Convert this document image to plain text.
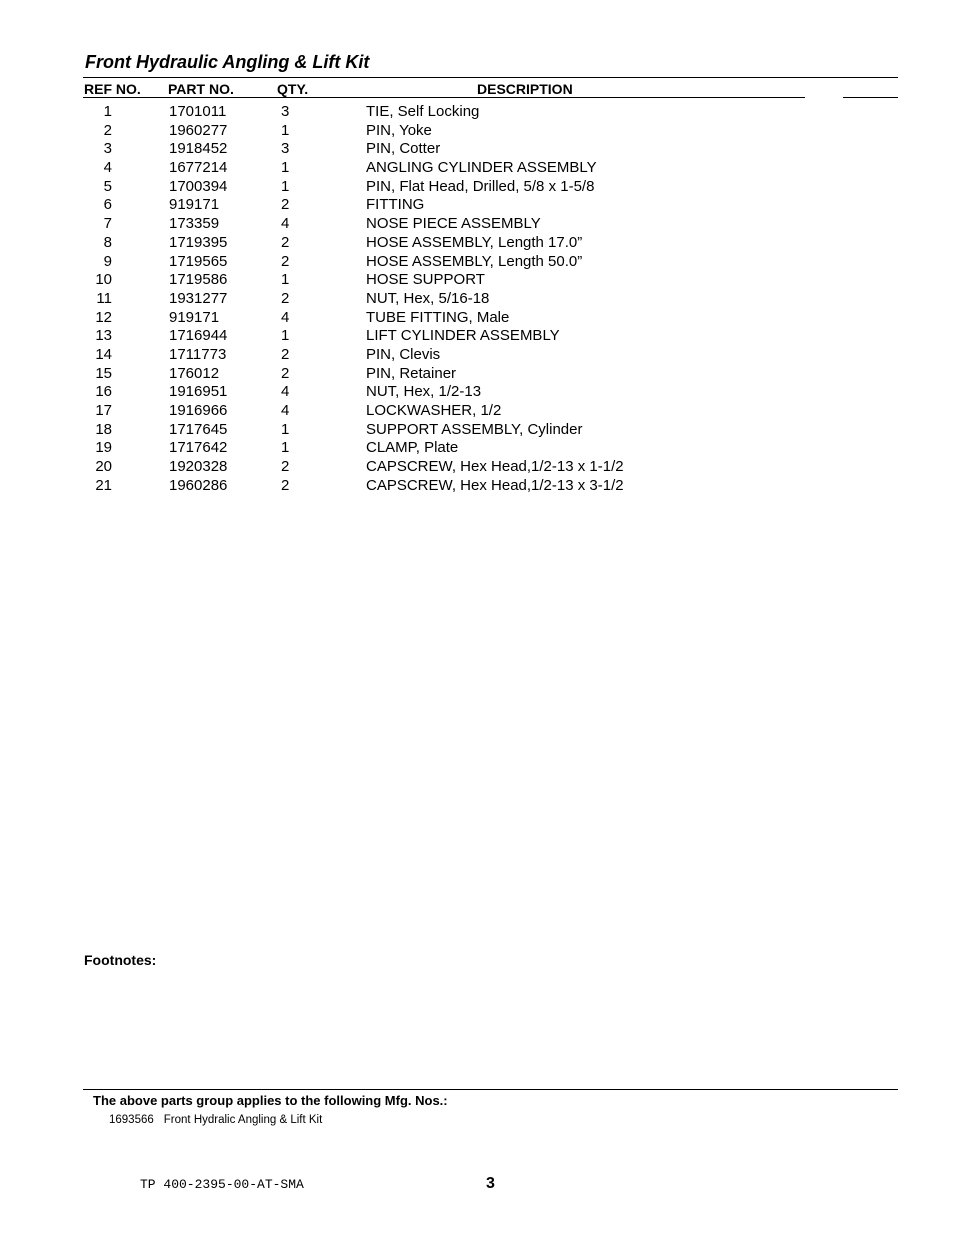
Front Hydraulic Angling & Lift Kit
REF NO. PART NO.	QTY.	DESCRIPTION
1	1701011	3	TIE, Self Locking
2	1960277	1	PIN, Yoke
3	1918452	3	PIN, Cotter
4	1677214	1	ANGLING CYLINDER ASSEMBLY
5	1700394	1	PIN, Flat Head, Drilled, 5/8 x 1-5/8
6	919171	2	FITTING
7	173359	4	NOSE PIECE ASSEMBLY
8	1719395	2	HOSE ASSEMBLY, Length 17.0”
9	1719565	2	HOSE ASSEMBLY, Length 50.0”
10	1719586	1	HOSE SUPPORT
11	1931277	2	NUT, Hex, 5/16-18
12	919171	4	TUBE FITTING, Male
13	1716944	1	LIFT CYLINDER ASSEMBLY
14	1711773	2	PIN, Clevis
15	176012	2	PIN, Retainer
16	1916951	4	NUT, Hex, 1/2-13
17	1916966	4	LOCKWASHER, 1/2
18	1717645	1	SUPPORT ASSEMBLY, Cylinder
19	1717642	1	CLAMP, Plate
20	1920328	2	CAPSCREW, Hex Head,1/2-13 x 1-1/2
21	1960286	2	CAPSCREW, Hex Head,1/2-13 x 3-1/2
Footnotes:
The above parts group applies to the following Mfg. Nos.:
1693566 Front Hydralic Angling & Lift Kit
TP 400-2395-00-AT-SMA	3
